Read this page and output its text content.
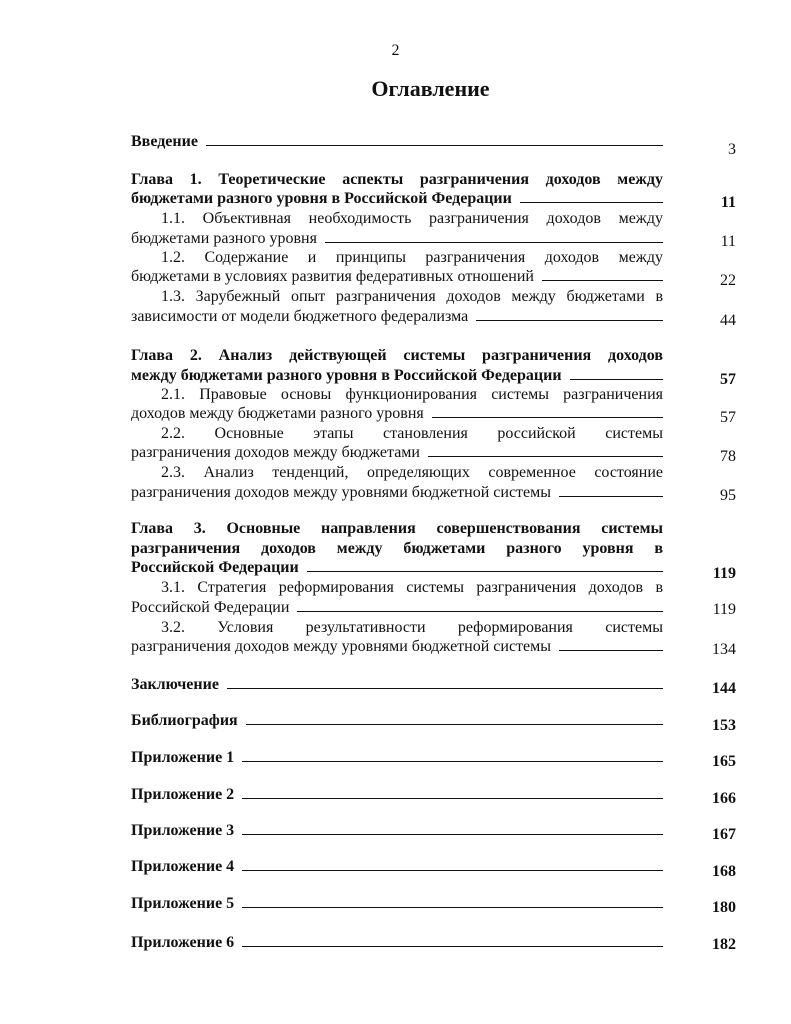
2
Оглавление
Введение	3
Глава 1. Теоретические аспекты разграничения доходов между
бюджетами разного уровня в Российской Федерации	11
1.1. Объективная необходимость разграничения доходов между
бюджетами разного уровня	11
1.2. Содержание и принципы разграничения доходов между
бюджетами в условиях развития федеративных отношений	22
1.3. Зарубежный опыт разграничения доходов между бюджетами в
зависимости от модели бюджетного федерализма	44
Глава 2. Анализ действующей системы разграничения доходов
между бюджетами разного уровня в Российской Федерации	57
2.1. Правовые основы функционирования системы разграничения
доходов между бюджетами разного уровня	57
2.2. Основные этапы становления российской системы
разграничения доходов между бюджетами	78
2.3. Анализ тенденций, определяющих современное состояние
разграничения доходов между уровнями бюджетной системы	95
Глава 3. Основные направления совершенствования системы
разграничения доходов между бюджетами разного уровня в
Российской Федерации	119
3.1. Стратегия реформирования системы разграничения доходов в
Российской Федерации	119
3.2. Условия результативности реформирования системы
разграничения доходов между уровнями бюджетной системы	134
Заключение	144
Библиография	153
Приложение 1	165
Приложение 2	166
Приложение 3	167
Приложение 4	168
Приложение 5	180
Приложение 6	182
